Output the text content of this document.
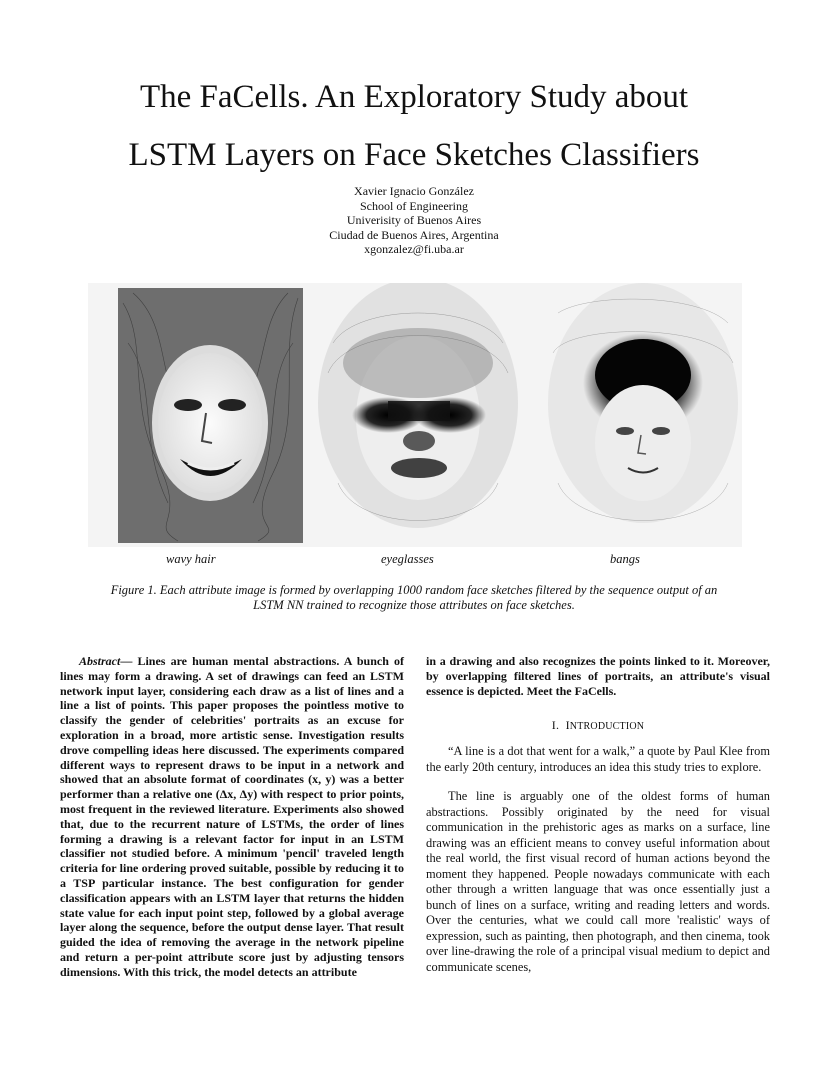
The FaCells. An Exploratory Study about
LSTM Layers on Face Sketches Classifiers
Xavier Ignacio González
School of Engineering
Univerisity of Buenos Aires
Ciudad de Buenos Aires, Argentina
xgonzalez@fi.uba.ar
wavy hair	eyeglasses	bangs
Figure 1. Each attribute image is formed by overlapping 1000 random face sketches filtered by the sequence output of an
LSTM NN trained to recognize those attributes on face sketches.

Abstract— Lines are human mental abstractions. A bunch of lines may form a drawing. A set of drawings can feed an LSTM network input layer, considering each draw as a list of lines and a line a list of points. This paper proposes the pointless motive to classify the gender of celebrities' portraits as an excuse for exploration in a broad, more artistic sense. Investigation results drove compelling ideas here discussed. The experiments compared different ways to represent draws to be input in a network and showed that an absolute format of coordinates (x, y) was a better performer than a relative one (Δx, Δy) with respect to prior points, most frequent in the reviewed literature. Experiments also showed that, due to the recurrent nature of LSTMs, the order of lines forming a drawing is a relevant factor for input in an LSTM classifier not studied before. A minimum 'pencil' traveled length criteria for line ordering proved suitable, possible by reducing it to a TSP particular instance. The best configuration for gender classification appears with an LSTM layer that returns the hidden state value for each input point step, followed by a global average layer along the sequence, before the output dense layer. That result guided the idea of removing the average in the network pipeline and return a per-point attribute score just by adjusting tensors dimensions. With this trick, the model detects an attribute

in a drawing and also recognizes the points linked to it. Moreover, by overlapping filtered lines of portraits, an attribute's visual essence is depicted. Meet the FaCells.

I. INTRODUCTION

“A line is a dot that went for a walk,” a quote by Paul Klee from the early 20th century, introduces an idea this study tries to explore.

The line is arguably one of the oldest forms of human abstractions. Possibly originated by the need for visual communication in the prehistoric ages as marks on a surface, line drawing was an efficient means to convey useful information about the real world, the first visual record of human actions beyond the moment they happened. People nowadays communicate with each other through a written language that was once essentially just a bunch of lines on a surface, writing and reading letters and words. Over the centuries, what we could call more 'realistic' ways of expression, such as painting, then photograph, and then cinema, took over line-drawing the role of a principal visual medium to depict and communicate scenes,
